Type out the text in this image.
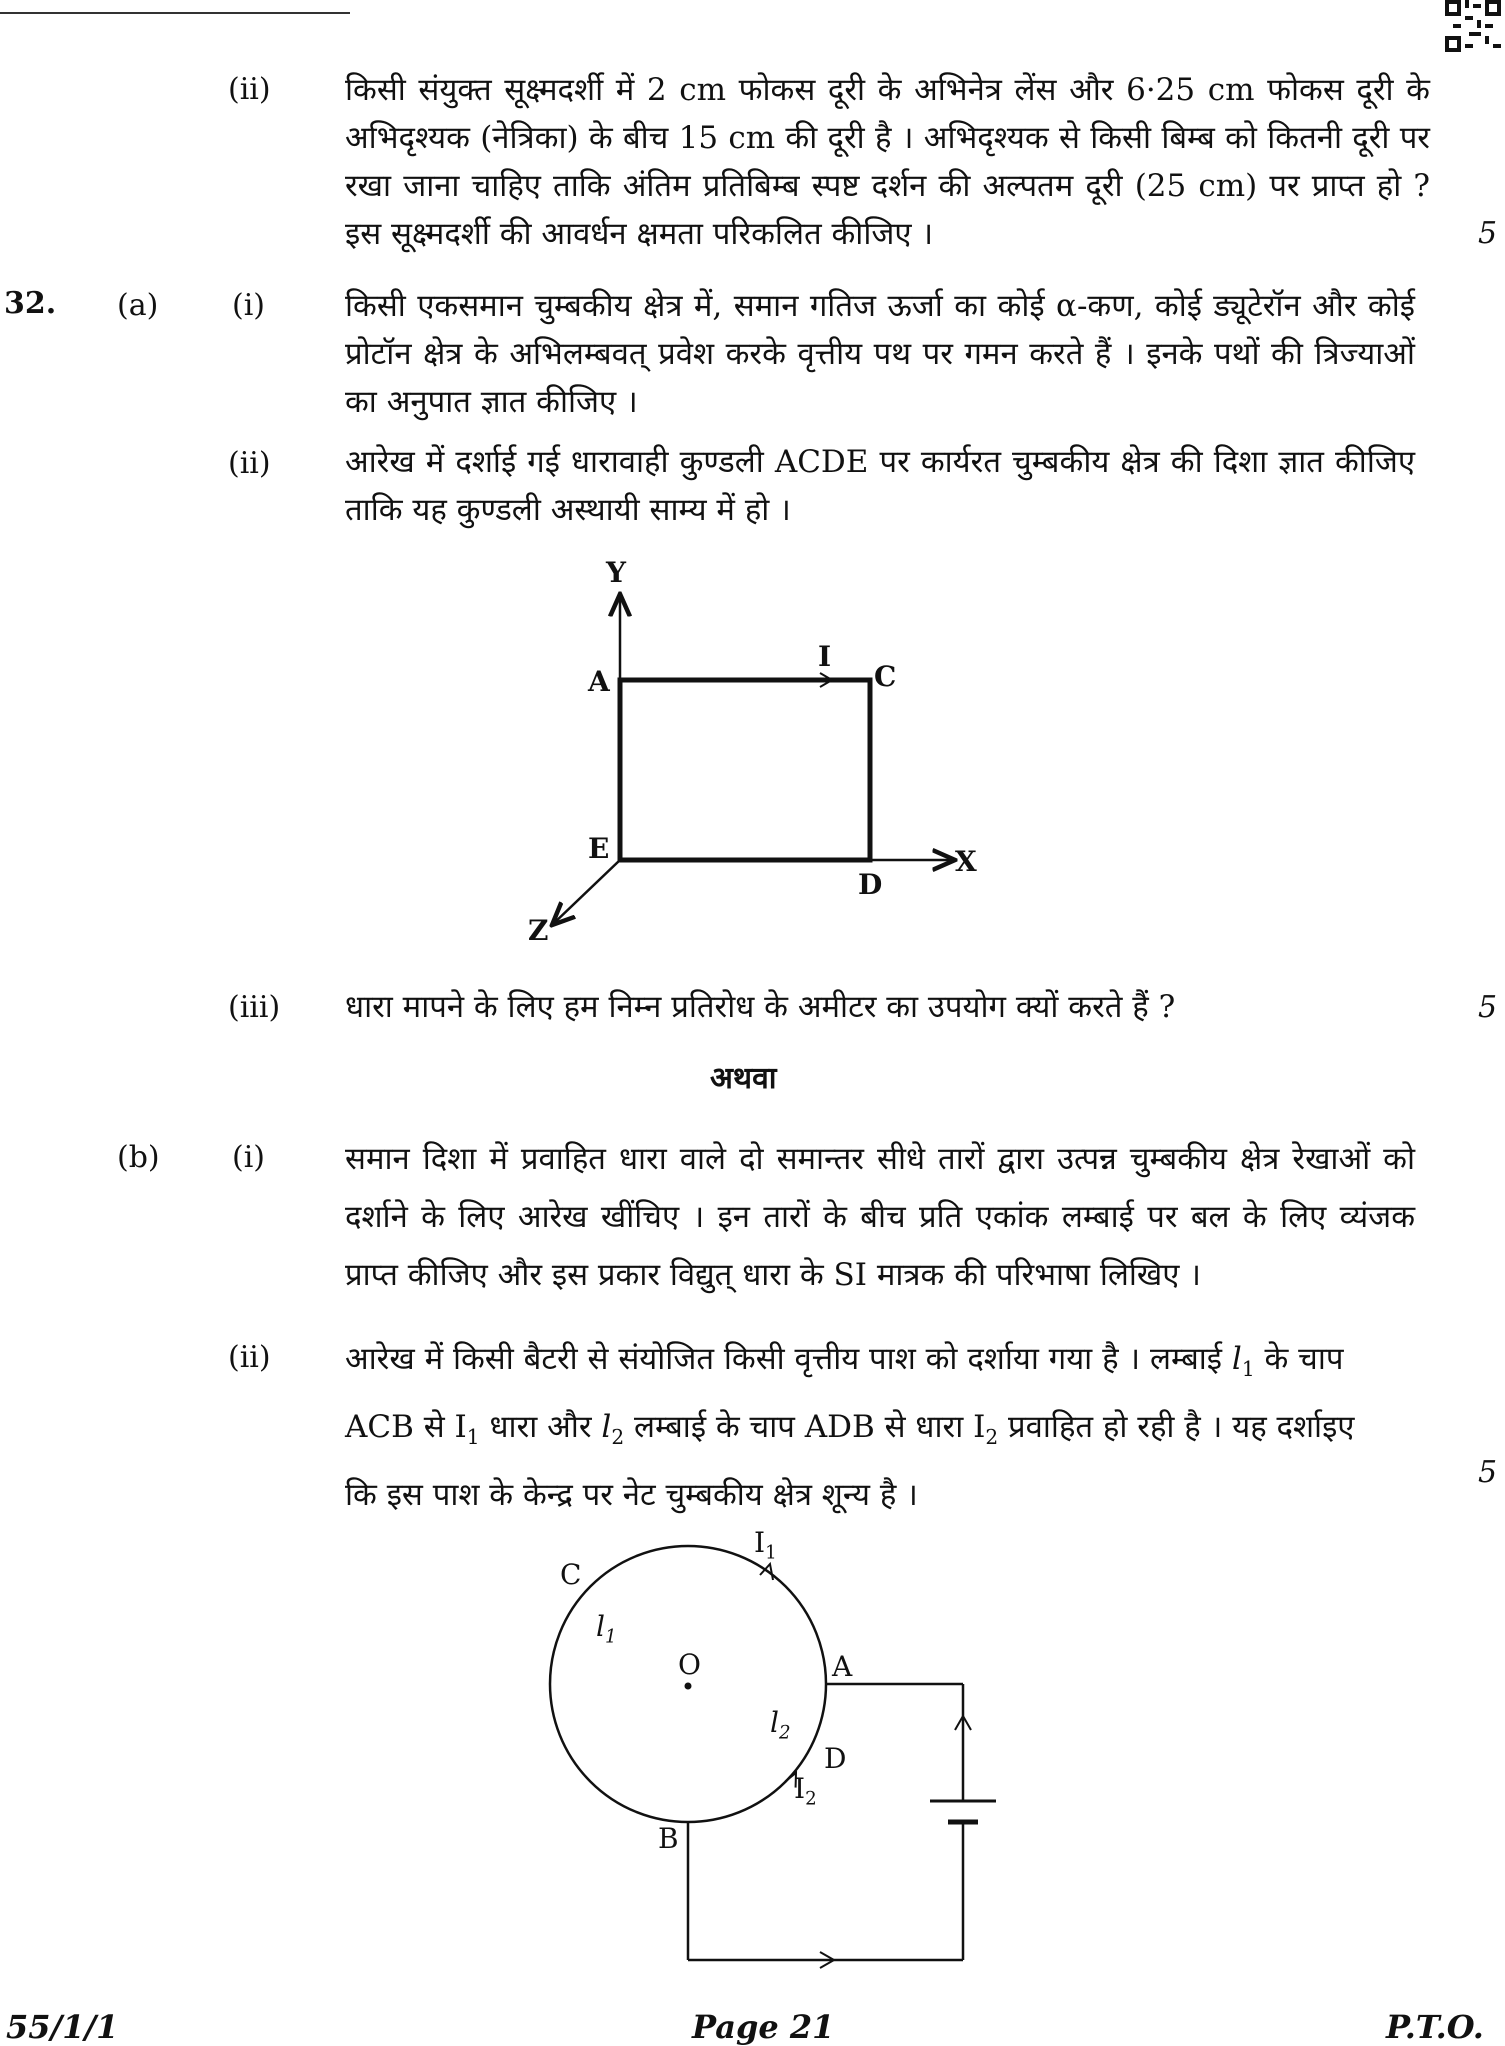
(ii) किसी संयुक्त सूक्ष्मदर्शी में 2 cm फोकस दूरी के अभिनेत्र लेंस और 6·25 cm फोकस दूरी के अभिदृश्यक (नेत्रिका) के बीच 15 cm की दूरी है । अभिदृश्यक से किसी बिम्ब को कितनी दूरी पर रखा जाना चाहिए ताकि अंतिम प्रतिबिम्ब स्पष्ट दर्शन की अल्पतम दूरी (25 cm) पर प्राप्त हो ? इस सूक्ष्मदर्शी की आवर्धन क्षमता परिकलित कीजिए ।	5
32. (a) (i)	किसी एकसमान चुम्बकीय क्षेत्र में, समान गतिज ऊर्जा का कोई α-कण, कोई ड्यूटेरॉन और कोई प्रोटॉन क्षेत्र के अभिलम्बवत् प्रवेश करके वृत्तीय पथ पर गमन करते हैं । इनके पथों की त्रिज्याओं का अनुपात ज्ञात कीजिए ।
(ii) आरेख में दर्शाई गई धारावाही कुण्डली ACDE पर कार्यरत चुम्बकीय क्षेत्र की दिशा ज्ञात कीजिए ताकि यह कुण्डली अस्थायी साम्य में हो ।
Y
X
Z
A	C
E
D
I
(iii) धारा मापने के लिए हम निम्न प्रतिरोध के अमीटर का उपयोग क्यों करते हैं ?	5
अथवा
(b) (i)	समान दिशा में प्रवाहित धारा वाले दो समान्तर सीधे तारों द्वारा उत्पन्न चुम्बकीय क्षेत्र रेखाओं को दर्शाने के लिए आरेख खींचिए । इन तारों के बीच प्रति एकांक लम्बाई पर बल के लिए व्यंजक प्राप्त कीजिए और इस प्रकार विद्युत् धारा के SI मात्रक की परिभाषा लिखिए ।
(ii) आरेख में किसी बैटरी से संयोजित किसी वृत्तीय पाश को दर्शाया गया है । लम्बाई $l_1$ के चाप
ACB से $I_1$ धारा और $l_2$ लम्बाई के चाप ADB से धारा $I_2$ प्रवाहित हो रही है । यह दर्शाइए
कि इस पाश के केन्द्र पर नेट चुम्बकीय क्षेत्र शून्य है ।
5
C
A
B
D
O
$l_1$
$l_2$
$I_1$
$I_2$
55/1/1	Page 21	P.T.O.
